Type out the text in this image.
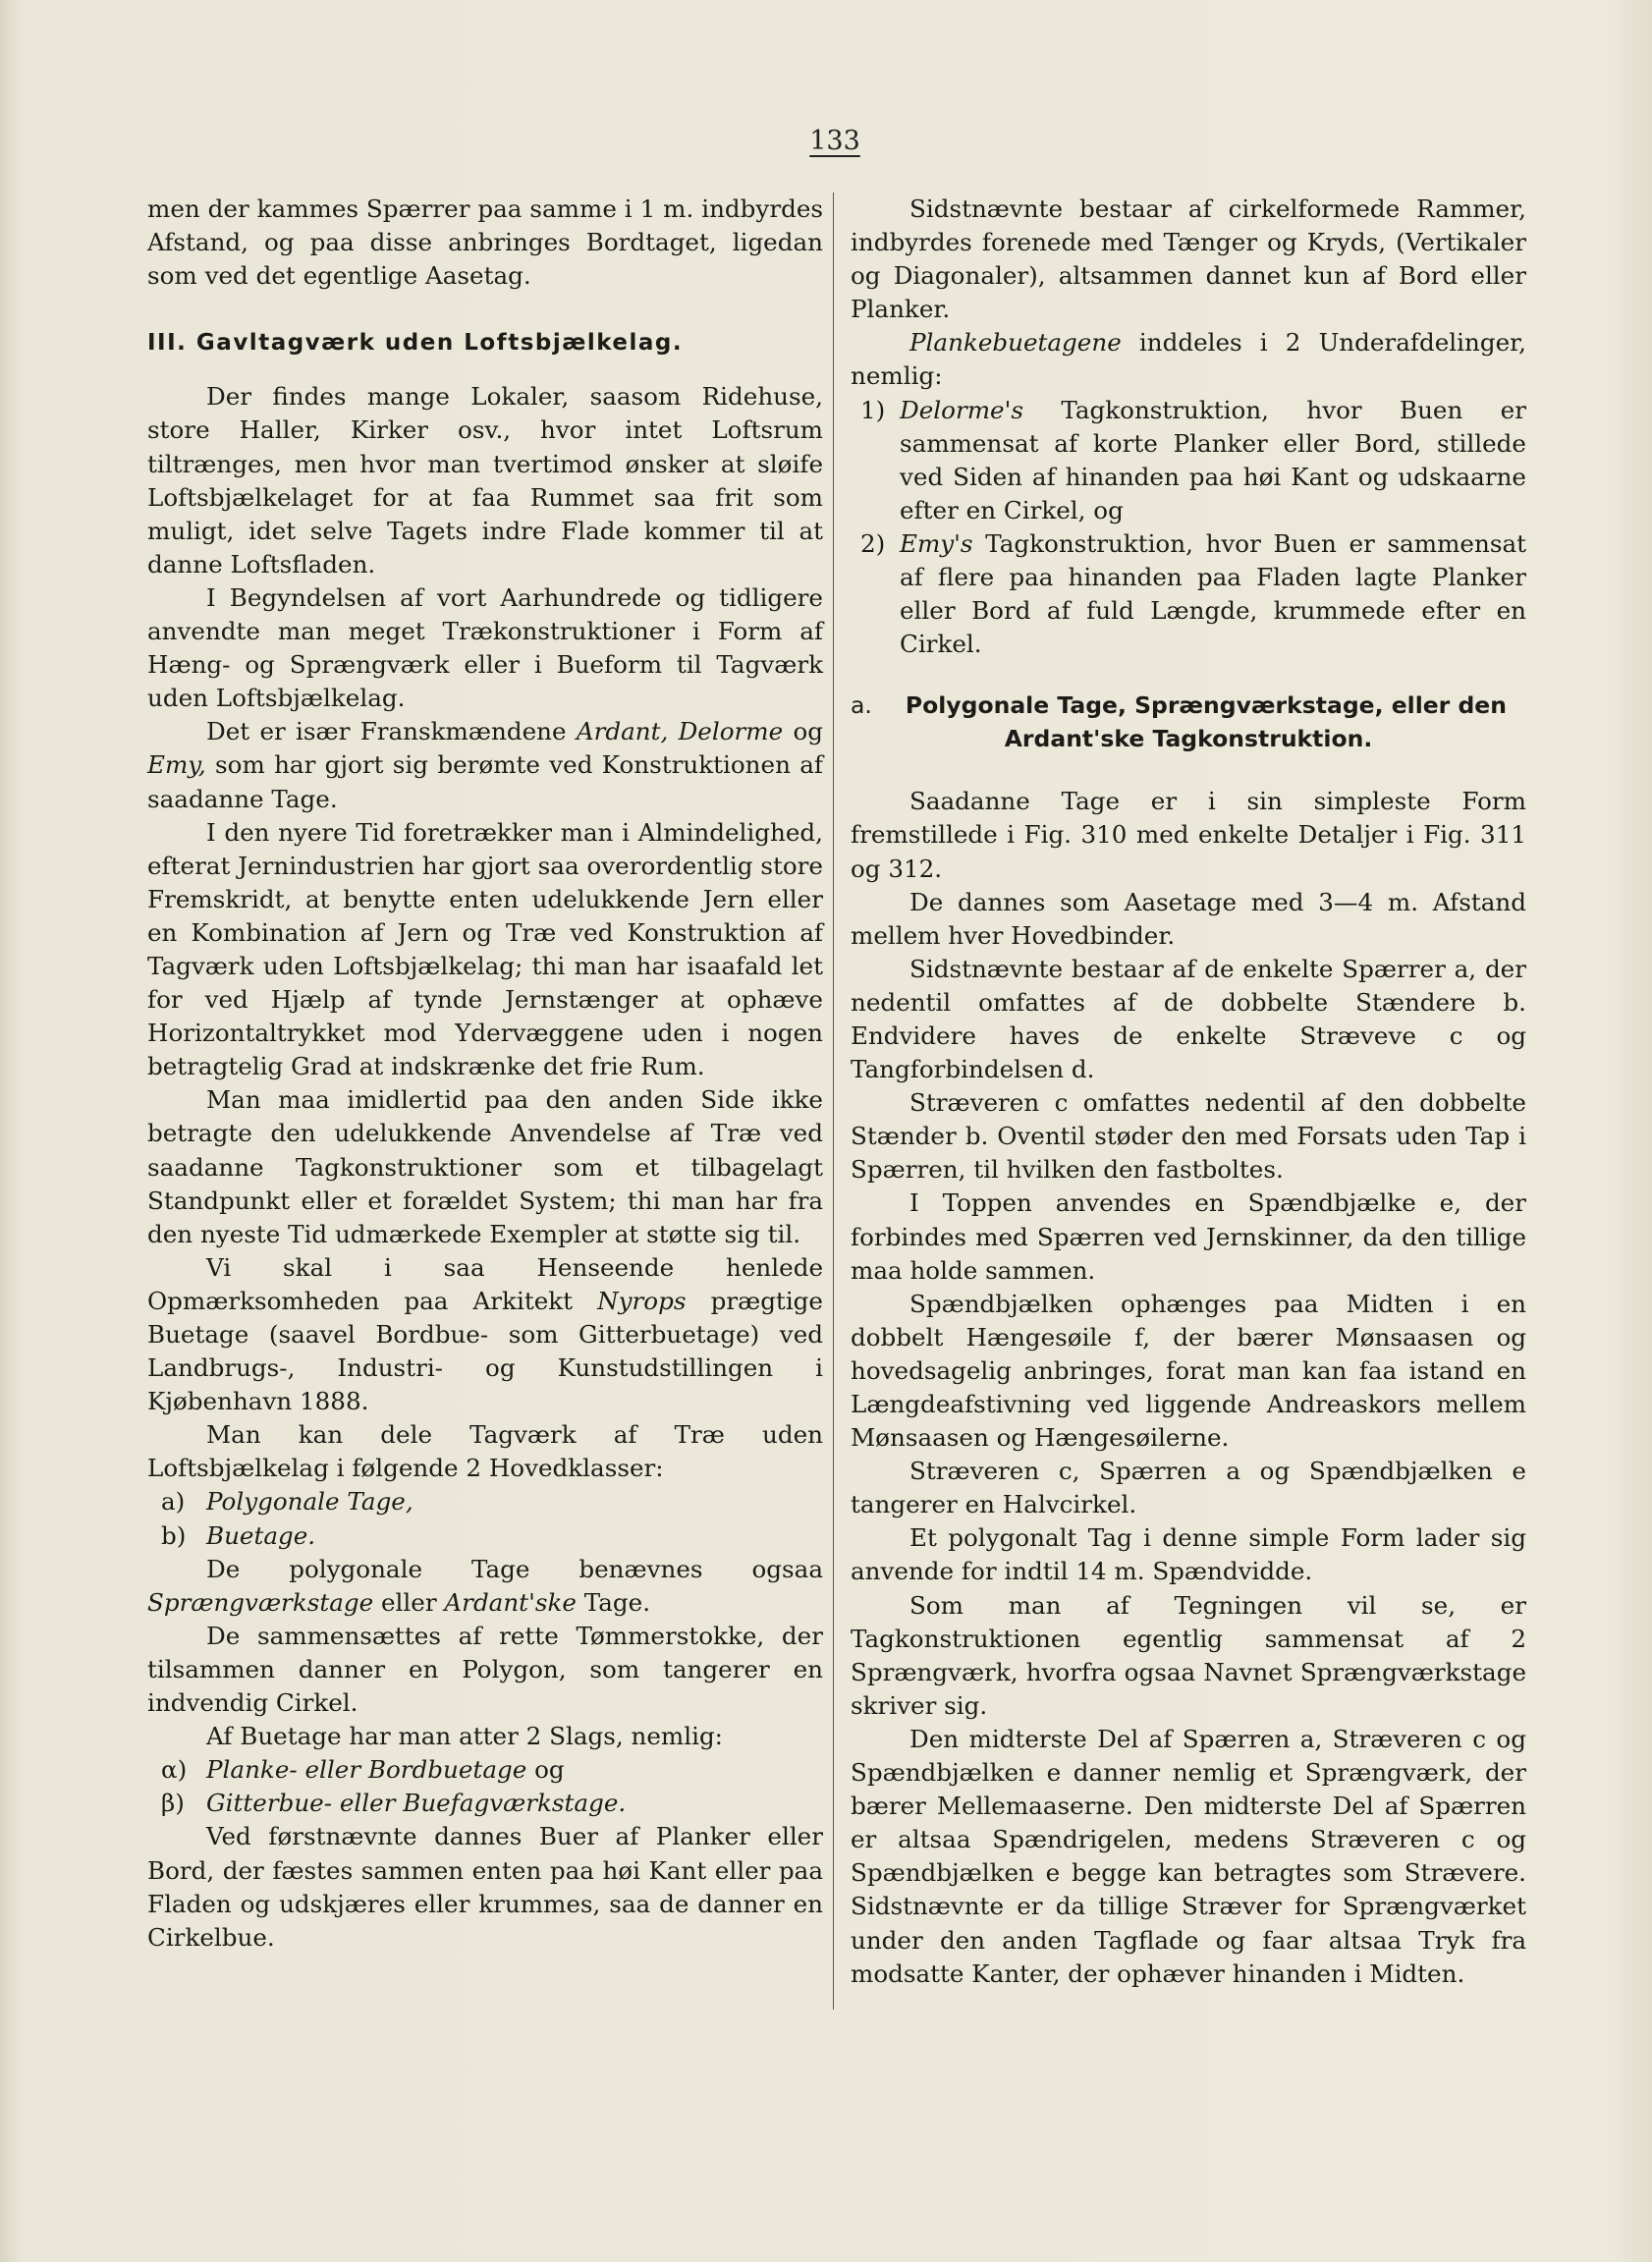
133

men der kammes Spærrer paa samme i 1 m. indbyrdes Afstand, og paa disse anbringes Bordtaget, ligedan som ved det egentlige Aasetag.

III. Gavltagværk uden Loftsbjælkelag.

Der findes mange Lokaler, saasom Ridehuse, store Haller, Kirker osv., hvor intet Loftsrum tiltrænges, men hvor man tvertimod ønsker at sløife Loftsbjælkelaget for at faa Rummet saa frit som muligt, idet selve Tagets indre Flade kommer til at danne Loftsfladen.

I Begyndelsen af vort Aarhundrede og tidligere anvendte man meget Trækonstruktioner i Form af Hæng- og Sprængværk eller i Bueform til Tagværk uden Loftsbjælkelag.

Det er især Franskmændene Ardant, Delorme og Emy, som har gjort sig berømte ved Konstruktionen af saadanne Tage.

I den nyere Tid foretrækker man i Almindelighed, efterat Jernindustrien har gjort saa overordentlig store Fremskridt, at benytte enten udelukkende Jern eller en Kombination af Jern og Træ ved Konstruktion af Tagværk uden Loftsbjælkelag; thi man har isaafald let for ved Hjælp af tynde Jernstænger at ophæve Horizontaltrykket mod Ydervæggene uden i nogen betragtelig Grad at indskrænke det frie Rum.

Man maa imidlertid paa den anden Side ikke betragte den udelukkende Anvendelse af Træ ved saadanne Tagkonstruktioner som et tilbagelagt Standpunkt eller et forældet System; thi man har fra den nyeste Tid udmærkede Exempler at støtte sig til.

Vi skal i saa Henseende henlede Opmærksomheden paa Arkitekt Nyrops prægtige Buetage (saavel Bordbue- som Gitterbuetage) ved Landbrugs-, Industri- og Kunstudstillingen i Kjøbenhavn 1888.

Man kan dele Tagværk af Træ uden Loftsbjælkelag i følgende 2 Hovedklasser:

a) Polygonale Tage,
b) Buetage.

De polygonale Tage benævnes ogsaa Sprængværkstage eller Ardant'ske Tage.

De sammensættes af rette Tømmerstokke, der tilsammen danner en Polygon, som tangerer en indvendig Cirkel.

Af Buetage har man atter 2 Slags, nemlig:

α) Planke- eller Bordbuetage og
β) Gitterbue- eller Buefagværkstage.

Ved førstnævnte dannes Buer af Planker eller Bord, der fæstes sammen enten paa høi Kant eller paa Fladen og udskjæres eller krummes, saa de danner en Cirkelbue.

Sidstnævnte bestaar af cirkelformede Rammer, indbyrdes forenede med Tænger og Kryds, (Vertikaler og Diagonaler), altsammen dannet kun af Bord eller Planker.

Plankebuetagene inddeles i 2 Underafdelinger, nemlig:

1) Delorme's Tagkonstruktion, hvor Buen er sammensat af korte Planker eller Bord, stillede ved Siden af hinanden paa høi Kant og udskaarne efter en Cirkel, og
2) Emy's Tagkonstruktion, hvor Buen er sammensat af flere paa hinanden paa Fladen lagte Planker eller Bord af fuld Længde, krummede efter en Cirkel.
a. Polygonale Tage, Sprængværkstage, eller den
Ardant'ske Tagkonstruktion.

Saadanne Tage er i sin simpleste Form fremstillede i Fig. 310 med enkelte Detaljer i Fig. 311 og 312.

De dannes som Aasetage med 3—4 m. Afstand mellem hver Hovedbinder.

Sidstnævnte bestaar af de enkelte Spærrer a, der nedentil omfattes af de dobbelte Stændere b. Endvidere haves de enkelte Stræveve c og Tangforbindelsen d.

Stræveren c omfattes nedentil af den dobbelte Stænder b. Oventil støder den med Forsats uden Tap i Spærren, til hvilken den fastboltes.

I Toppen anvendes en Spændbjælke e, der forbindes med Spærren ved Jernskinner, da den tillige maa holde sammen.

Spændbjælken ophænges paa Midten i en dobbelt Hængesøile f, der bærer Mønsaasen og hovedsagelig anbringes, forat man kan faa istand en Længdeafstivning ved liggende Andreaskors mellem Mønsaasen og Hængesøilerne.

Stræveren c, Spærren a og Spændbjælken e tangerer en Halvcirkel.

Et polygonalt Tag i denne simple Form lader sig anvende for indtil 14 m. Spændvidde.

Som man af Tegningen vil se, er Tagkonstruktionen egentlig sammensat af 2 Sprængværk, hvorfra ogsaa Navnet Sprængværkstage skriver sig.

Den midterste Del af Spærren a, Stræveren c og Spændbjælken e danner nemlig et Sprængværk, der bærer Mellemaaserne. Den midterste Del af Spærren er altsaa Spændrigelen, medens Stræveren c og Spændbjælken e begge kan betragtes som Strævere. Sidstnævnte er da tillige Stræver for Sprængværket under den anden Tagflade og faar altsaa Tryk fra modsatte Kanter, der ophæver hinanden i Midten.
